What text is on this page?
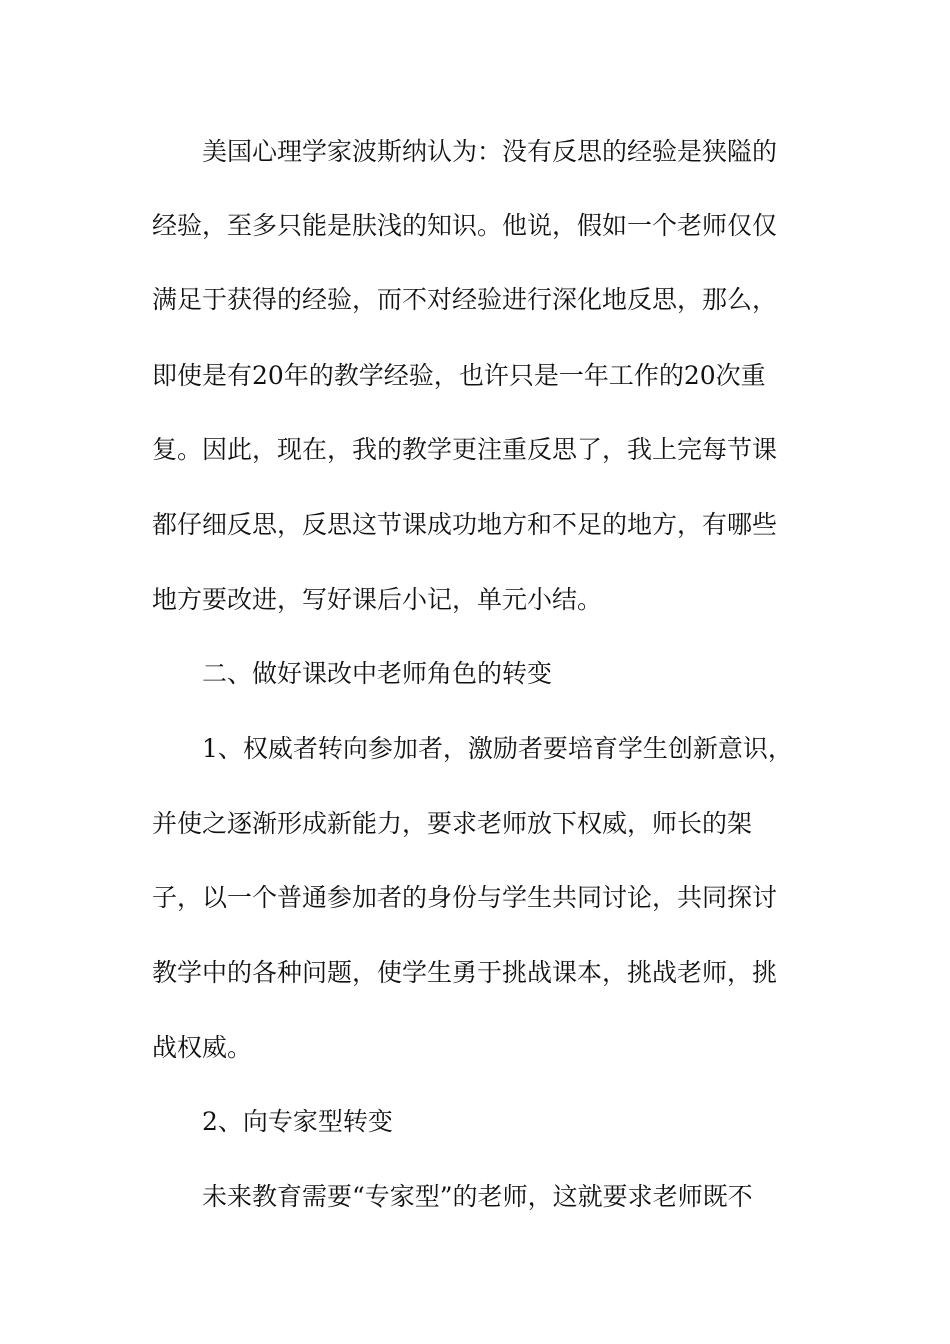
美国心理学家波斯纳认为：没有反思的经验是狭隘的
经验，至多只能是肤浅的知识。他说，假如一个老师仅仅
满足于获得的经验，而不对经验进行深化地反思，那么，
即使是有20年的教学经验，也许只是一年工作的20次重
复。因此，现在，我的教学更注重反思了，我上完每节课
都仔细反思，反思这节课成功地方和不足的地方，有哪些
地方要改进，写好课后小记，单元小结。
二、做好课改中老师角色的转变
1、权威者转向参加者，激励者要培育学生创新意识，
并使之逐渐形成新能力，要求老师放下权威，师长的架
子，以一个普通参加者的身份与学生共同讨论，共同探讨
教学中的各种问题，使学生勇于挑战课本，挑战老师，挑
战权威。
2、向专家型转变
未来教育需要“专家型”的老师，这就要求老师既不
